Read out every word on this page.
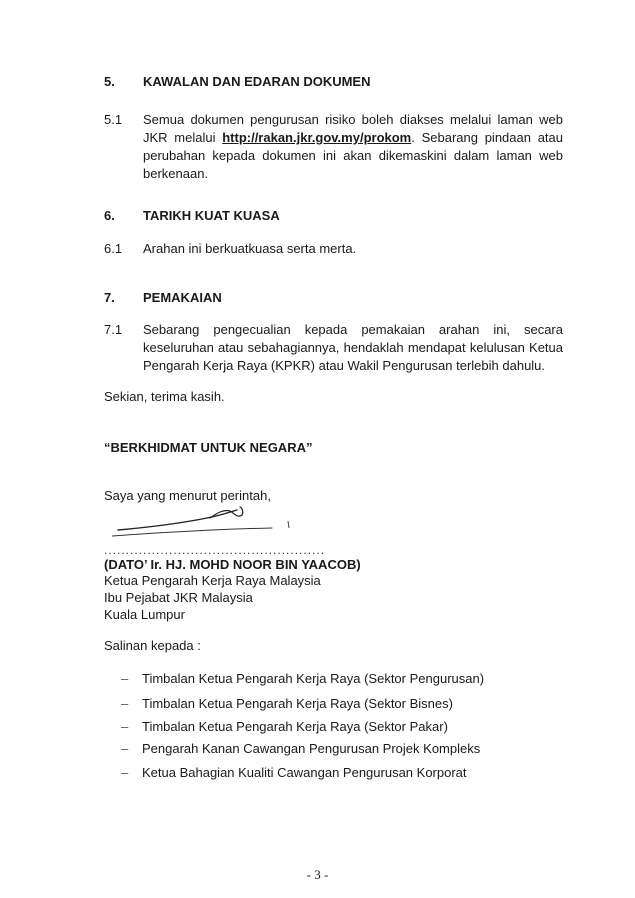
5. KAWALAN DAN EDARAN DOKUMEN
5.1 Semua dokumen pengurusan risiko boleh diakses melalui laman web JKR melalui http://rakan.jkr.gov.my/prokom. Sebarang pindaan atau perubahan kepada dokumen ini akan dikemaskini dalam laman web berkenaan.
6. TARIKH KUAT KUASA
6.1 Arahan ini berkuatkuasa serta merta.
7. PEMAKAIAN
7.1 Sebarang pengecualian kepada pemakaian arahan ini, secara keseluruhan atau sebahagiannya, hendaklah mendapat kelulusan Ketua Pengarah Kerja Raya (KPKR) atau Wakil Pengurusan terlebih dahulu.
Sekian, terima kasih.
“BERKHIDMAT UNTUK NEGARA”
Saya yang menurut perintah,
...................................................
(DATO’ Ir. HJ. MOHD NOOR BIN YAACOB)
Ketua Pengarah Kerja Raya Malaysia
Ibu Pejabat JKR Malaysia
Kuala Lumpur
Salinan kepada :
– Timbalan Ketua Pengarah Kerja Raya (Sektor Pengurusan)
– Timbalan Ketua Pengarah Kerja Raya (Sektor Bisnes)
– Timbalan Ketua Pengarah Kerja Raya (Sektor Pakar)
– Pengarah Kanan Cawangan Pengurusan Projek Kompleks
– Ketua Bahagian Kualiti Cawangan Pengurusan Korporat
- 3 -
